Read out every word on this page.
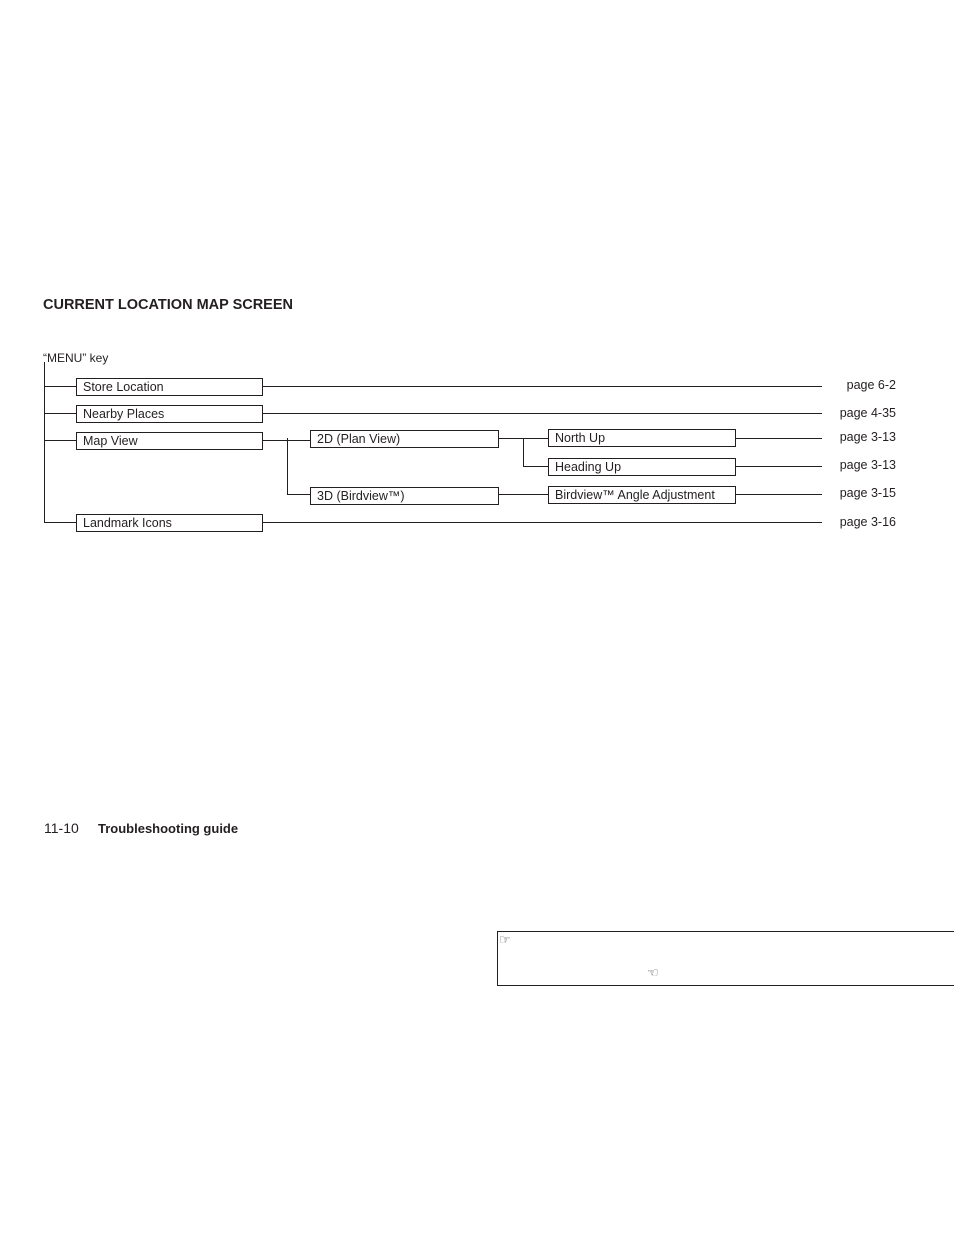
CURRENT LOCATION MAP SCREEN
“MENU” key
Store Location
Nearby Places
Map View	2D (Plan View)
3D (Birdview™)
North Up
Heading Up
Birdview™ Angle Adjustment
Landmark Icons
page 6-2
page 4-35
page 3-13
page 3-13
page 3-15
page 3-16
11-10 Troubleshooting guide
☞
☜
